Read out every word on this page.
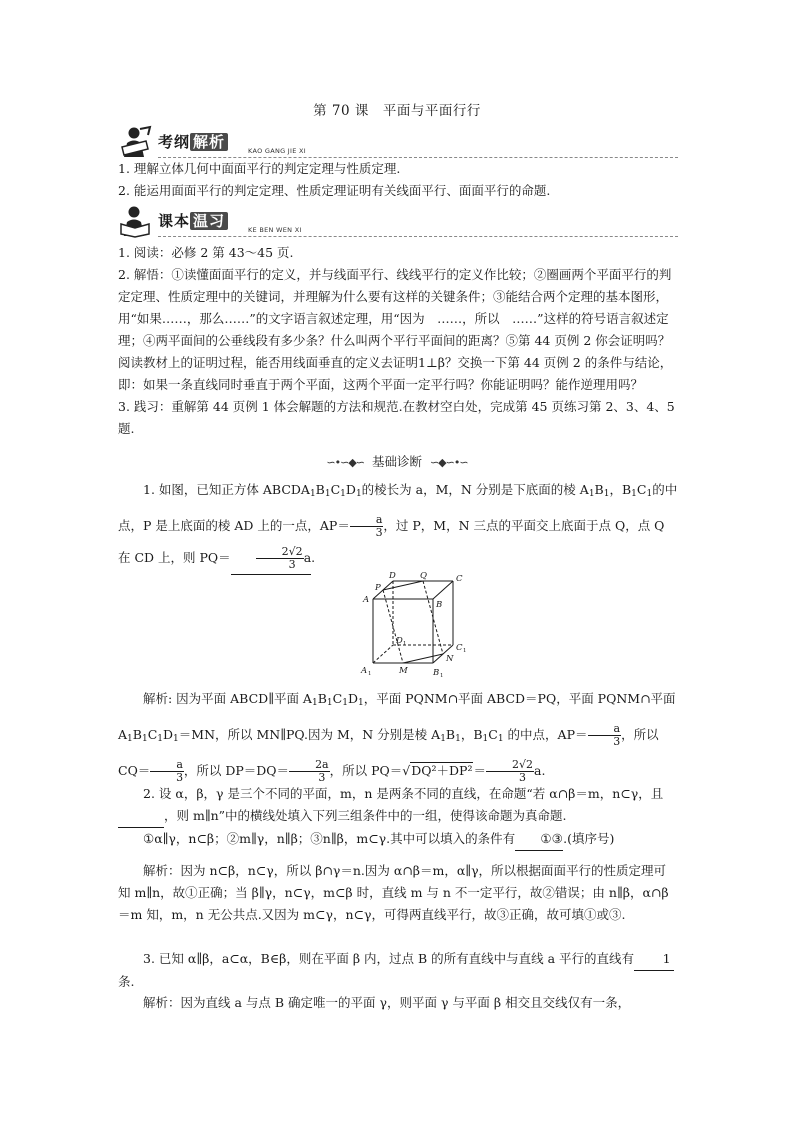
第 70 课　平面与平面行行
考纲 解析	KAO GANG JIE XI

1. 理解立体几何中面面平行的判定定理与性质定理.

2. 能运用面面平行的判定定理、性质定理证明有关线面平行、面面平行的命题.

课本 温习	KE BEN WEN XI

1. 阅读：必修 2 第 43～45 页.

2. 解悟：①读懂面面平行的定义，并与线面平行、线线平行的定义作比较；②圈画两个平面平行的判定定理、性质定理中的关键词，并理解为什么要有这样的关键条件；③能结合两个定理的基本图形，用“如果……，那么……”的文字语言叙述定理，用“因为　……，所以　……”这样的符号语言叙述定理；④两平面间的公垂线段有多少条？什么叫两个平行平面间的距离？⑤第 44 页例 2 你会证明吗？阅读教材上的证明过程，能否用线面垂直的定义去证明1⊥β？交换一下第 44 页例 2 的条件与结论，即：如果一条直线同时垂直于两个平面，这两个平面一定平行吗？你能证明吗？能作逆理用吗？

3. 践习：重解第 44 页例 1 体会解题的方法和规范.在教材空白处，完成第 45 页练习第 2、3、4、5 题.

∽•∽◆∽ 基础诊断 ∽◆∽•∽

1. 如图，已知正方体 $ABCDA_1B_1C_1D_1$的棱长为 a，M，N 分别是下底面的棱 $A_1B_1$，$B_1C_1$的中点，P 是上底面的棱 AD 上的一点，$AP= \frac{a}{3}$ ，过 P，M，N 三点的平面交上底面于点 Q，点 Q 在 CD 上，则 $PQ= \frac{2√2}{3} a$.

A	B
C
D
P
Q
A	B
C
D
M
N
1	1
1
1

解析: 因为平面 ABCD∥平面 $A_1B_1C_1D_1$，平面 PQNM∩平面 ABCD＝PQ，平面 PQNM∩平面 $A_1B_1C_1D_1=MN$，所以 MN∥PQ.因为 M，N 分别是棱 $A_1B_1$，$B_1C_1$ 的中点，$AP= \frac{a}{3}$ ，所以 $CQ= \frac{a}{3}$ ，所以 $DP=DQ= \frac{2a}{3}$ ，所以 $PQ=√DQ^2+DP^2= \frac{2√2}{3} a$.

2. 设 α，β，γ 是三个不同的平面，m，n 是两条不同的直线，在命题“若 α∩β＝m，n⊂γ，且 ，则 m∥n”中的横线处填入下列三组条件中的一组，使得该命题为真命题.

①α∥γ，n⊂β；②m∥γ，n∥β；③n∥β，m⊂γ.其中可以填入的条件有 ①③.(填序号)

解析：因为 n⊂β，n⊂γ，所以 β∩γ＝n.因为 α∩β＝m，α∥γ，所以根据面面平行的性质定理可知 m∥n，故①正确；当 β∥γ，n⊂γ，m⊂β 时，直线 m 与 n 不一定平行，故②错误；由 n∥β，α∩β＝m 知，m，n 无公共点.又因为 m⊂γ，n⊂γ，可得两直线平行，故③正确，故可填①或③.

3. 已知 α∥β，a⊂α，B∈β，则在平面 β 内，过点 B 的所有直线中与直线 a 平行的直线有 1条.

解析：因为直线 a 与点 B 确定唯一的平面 γ，则平面 γ 与平面 β 相交且交线仅有一条，
